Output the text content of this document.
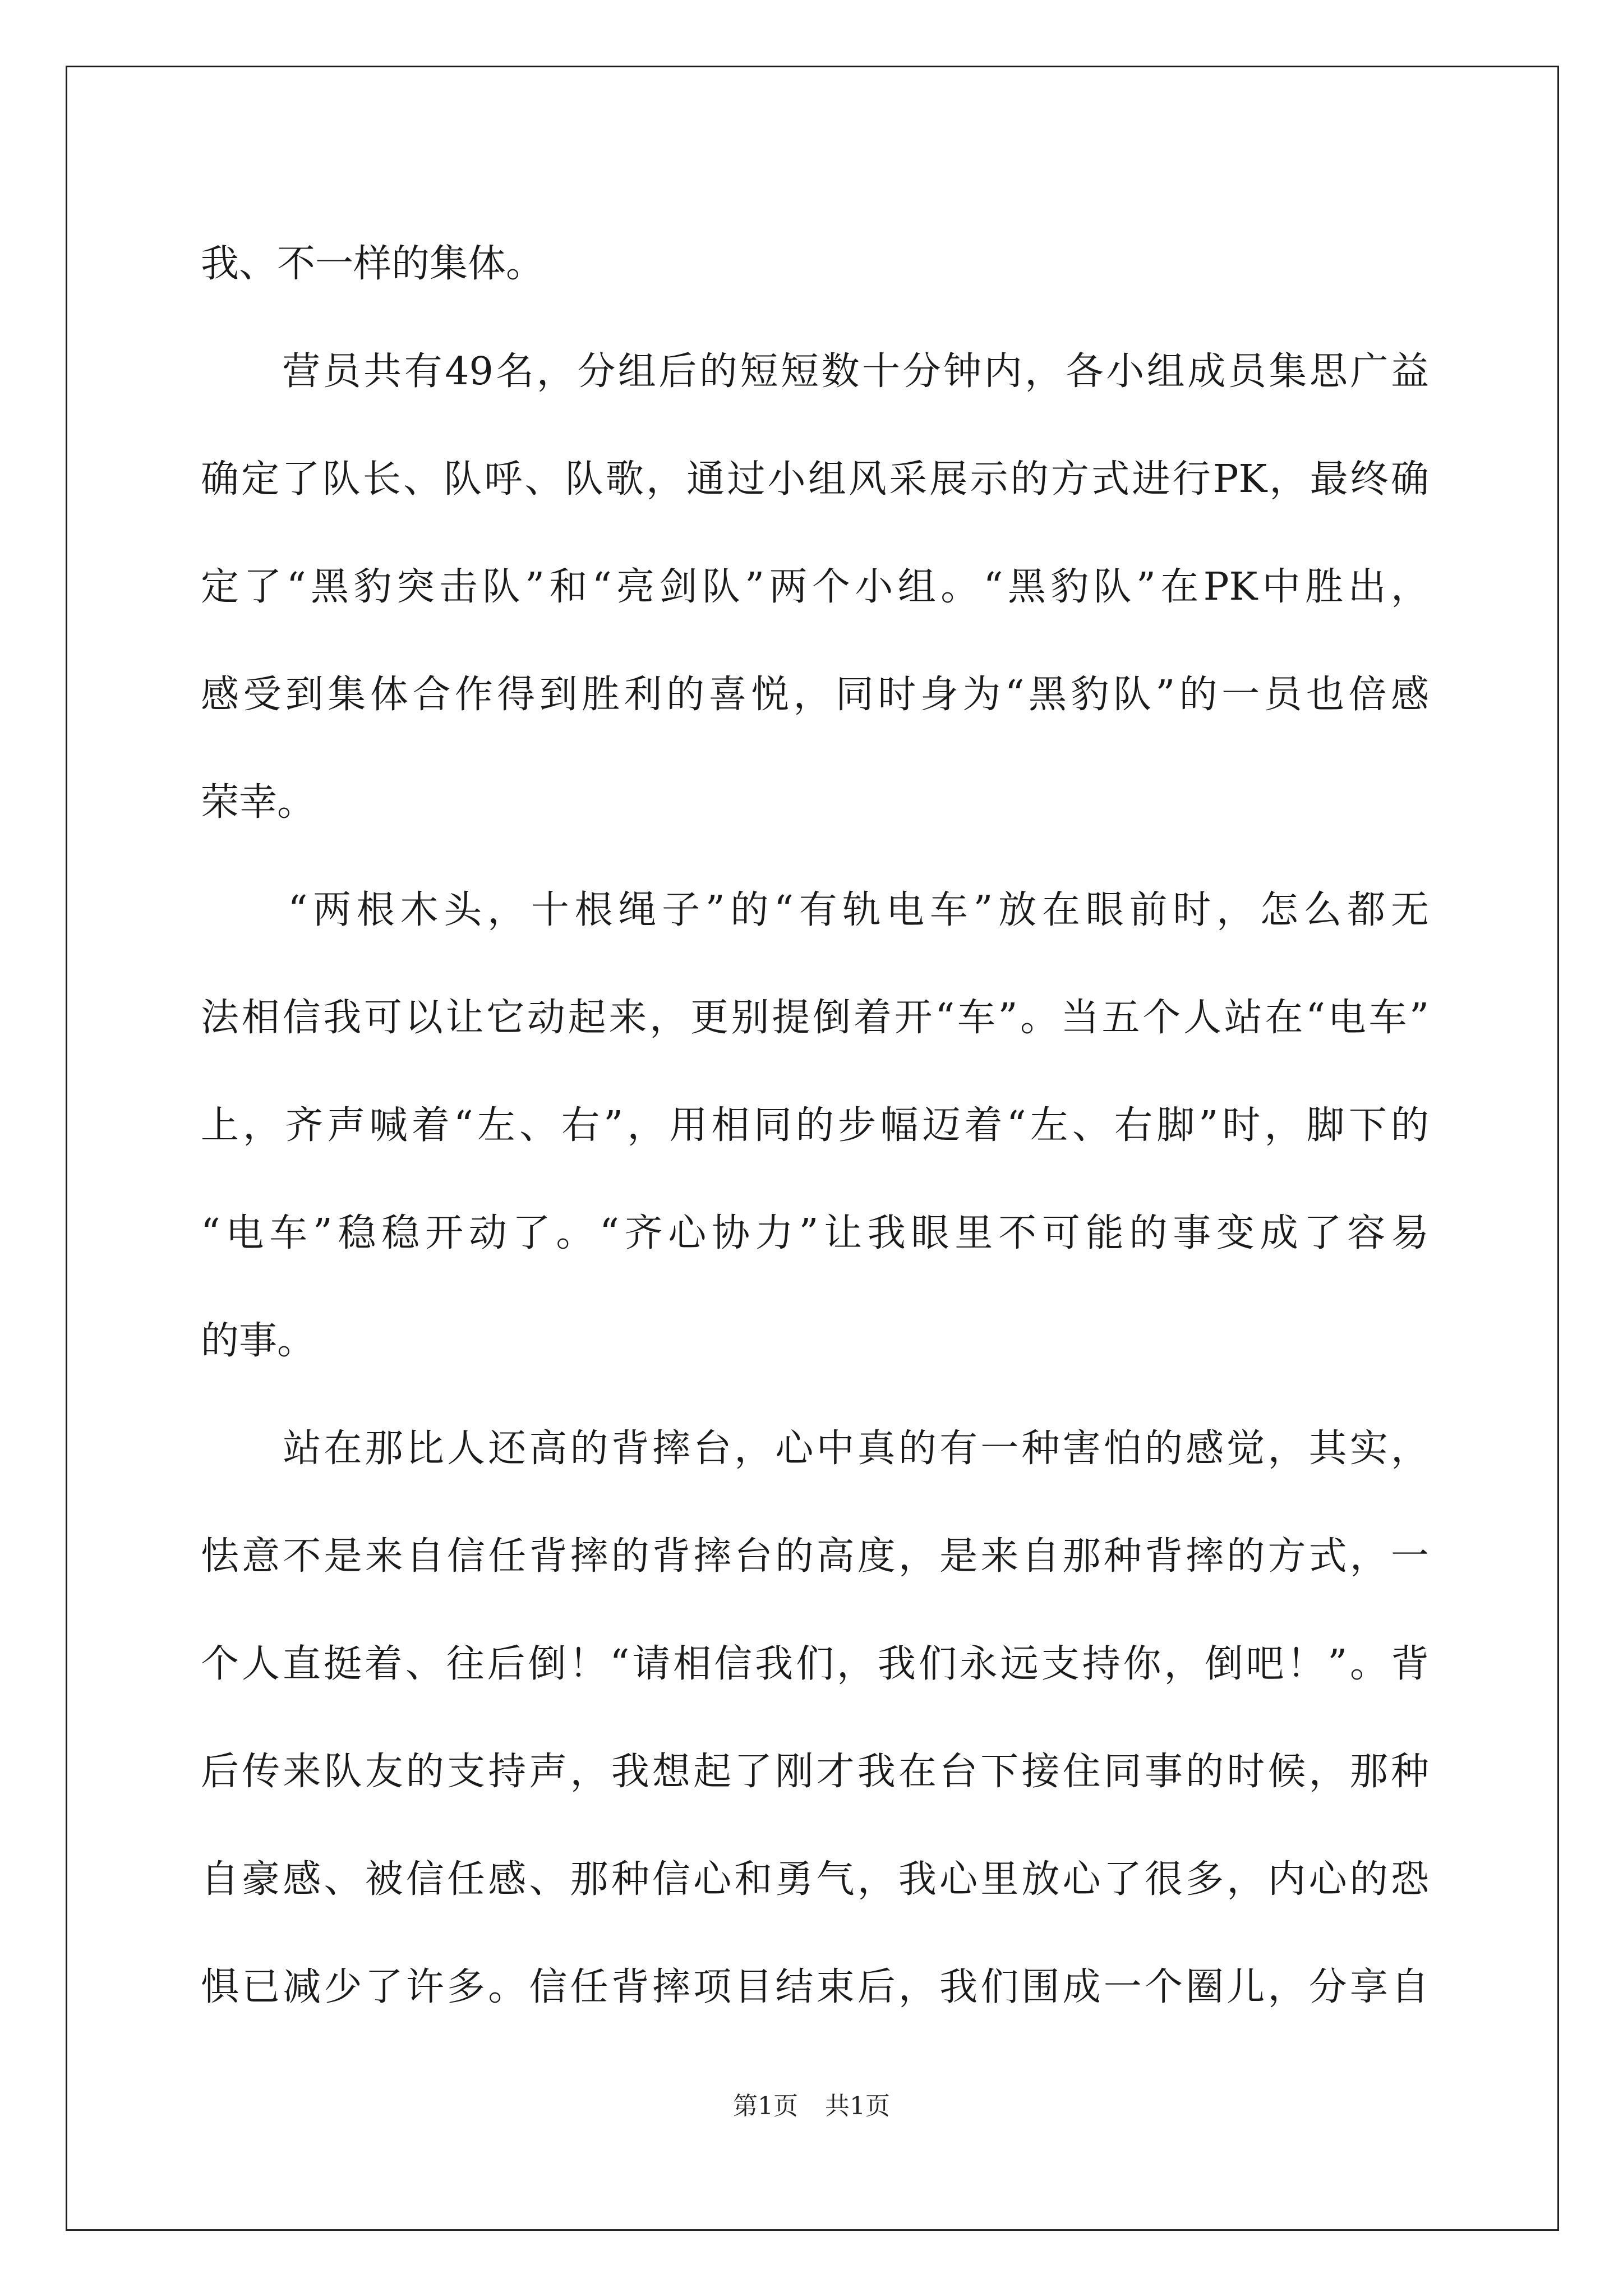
我、不一样的集体。
　　营员共有49名，分组后的短短数十分钟内，各小组成员集思广益
确定了队长、队呼、队歌，通过小组风采展示的方式进行PK，最终确
定了“黑豹突击队”和“亮剑队”两个小组。“黑豹队”在PK中胜出，
感受到集体合作得到胜利的喜悦，同时身为“黑豹队”的一员也倍感
荣幸。
　　“两根木头，十根绳子”的“有轨电车”放在眼前时，怎么都无
法相信我可以让它动起来，更别提倒着开“车”。当五个人站在“电车”
上，齐声喊着“左、右”，用相同的步幅迈着“左、右脚”时，脚下的
“电车”稳稳开动了。“齐心协力”让我眼里不可能的事变成了容易
的事。
　　站在那比人还高的背摔台，心中真的有一种害怕的感觉，其实，
怯意不是来自信任背摔的背摔台的高度，是来自那种背摔的方式，一
个人直挺着、往后倒！“请相信我们，我们永远支持你，倒吧！”。背
后传来队友的支持声，我想起了刚才我在台下接住同事的时候，那种
自豪感、被信任感、那种信心和勇气，我心里放心了很多，内心的恐
惧已减少了许多。信任背摔项目结束后，我们围成一个圈儿，分享自
第1页 共1页
